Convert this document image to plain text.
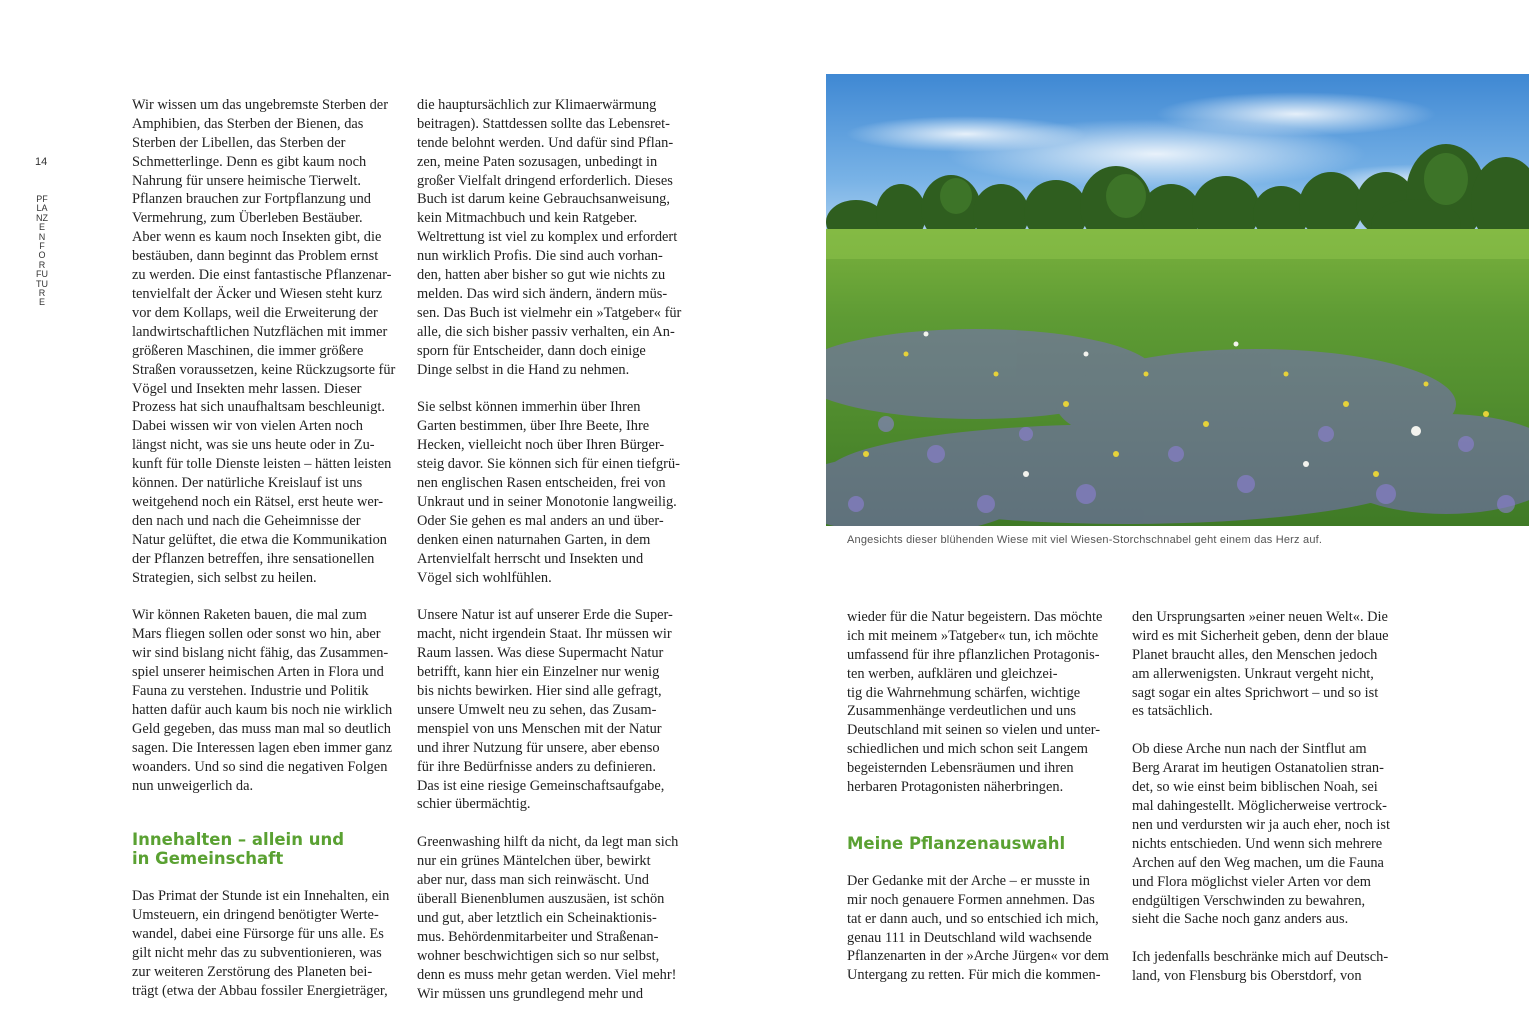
14
PFLANZEN FOR FUTURE

Wir wissen um das ungebremste Sterben der
Amphibien, das Sterben der Bienen, das
Sterben der Libellen, das Sterben der
Schmetterlinge. Denn es gibt kaum noch
Nahrung für unsere heimische Tierwelt.
Pflanzen brauchen zur Fortpflanzung und
Vermehrung, zum Überleben Bestäuber.
Aber wenn es kaum noch Insekten gibt, die
bestäuben, dann beginnt das Problem ernst
zu werden. Die einst fantastische Pflanzenar-
tenvielfalt der Äcker und Wiesen steht kurz
vor dem Kollaps, weil die Erweiterung der
landwirtschaftlichen Nutzflächen mit immer
größeren Maschinen, die immer größere
Straßen voraussetzen, keine Rückzugsorte für
Vögel und Insekten mehr lassen. Dieser
Prozess hat sich unaufhaltsam beschleunigt.
Dabei wissen wir von vielen Arten noch
längst nicht, was sie uns heute oder in Zu-
kunft für tolle Dienste leisten – hätten leisten
können. Der natürliche Kreislauf ist uns
weitgehend noch ein Rätsel, erst heute wer-
den nach und nach die Geheimnisse der
Natur gelüftet, die etwa die Kommunikation
der Pflanzen betreffen, ihre sensationellen
Strategien, sich selbst zu heilen.

Wir können Raketen bauen, die mal zum
Mars fliegen sollen oder sonst wo hin, aber
wir sind bislang nicht fähig, das Zusammen-
spiel unserer heimischen Arten in Flora und
Fauna zu verstehen. Industrie und Politik
hatten dafür auch kaum bis noch nie wirklich
Geld gegeben, das muss man mal so deutlich
sagen. Die Interessen lagen eben immer ganz
woanders. Und so sind die negativen Folgen
nun unweigerlich da.

Innehalten – allein und
in Gemeinschaft

Das Primat der Stunde ist ein Innehalten, ein
Umsteuern, ein dringend benötigter Werte-
wandel, dabei eine Fürsorge für uns alle. Es
gilt nicht mehr das zu subventionieren, was
zur weiteren Zerstörung des Planeten bei-
trägt (etwa der Abbau fossiler Energieträger,

die hauptursächlich zur Klimaerwärmung
beitragen). Stattdessen sollte das Lebensret-
tende belohnt werden. Und dafür sind Pflan-
zen, meine Paten sozusagen, unbedingt in
großer Vielfalt dringend erforderlich. Dieses
Buch ist darum keine Gebrauchsanweisung,
kein Mitmachbuch und kein Ratgeber.
Weltrettung ist viel zu komplex und erfordert
nun wirklich Profis. Die sind auch vorhan-
den, hatten aber bisher so gut wie nichts zu
melden. Das wird sich ändern, ändern müs-
sen. Das Buch ist vielmehr ein »Tatgeber« für
alle, die sich bisher passiv verhalten, ein An-
sporn für Entscheider, dann doch einige
Dinge selbst in die Hand zu nehmen.

Sie selbst können immerhin über Ihren
Garten bestimmen, über Ihre Beete, Ihre
Hecken, vielleicht noch über Ihren Bürger-
steig davor. Sie können sich für einen tiefgrü-
nen englischen Rasen entscheiden, frei von
Unkraut und in seiner Monotonie langweilig.
Oder Sie gehen es mal anders an und über-
denken einen naturnahen Garten, in dem
Artenvielfalt herrscht und Insekten und
Vögel sich wohlfühlen.

Unsere Natur ist auf unserer Erde die Super-
macht, nicht irgendein Staat. Ihr müssen wir
Raum lassen. Was diese Supermacht Natur
betrifft, kann hier ein Einzelner nur wenig
bis nichts bewirken. Hier sind alle gefragt,
unsere Umwelt neu zu sehen, das Zusam-
menspiel von uns Menschen mit der Natur
und ihrer Nutzung für unsere, aber ebenso
für ihre Bedürfnisse anders zu definieren.
Das ist eine riesige Gemeinschaftsaufgabe,
schier übermächtig.

Greenwashing hilft da nicht, da legt man sich
nur ein grünes Mäntelchen über, bewirkt
aber nur, dass man sich reinwäscht. Und
überall Bienenblumen auszusäen, ist schön
und gut, aber letztlich ein Scheinaktionis-
mus. Behördenmitarbeiter und Straßenan-
wohner beschwichtigen sich so nur selbst,
denn es muss mehr getan werden. Viel mehr!
Wir müssen uns grundlegend mehr und

Angesichts dieser blühenden Wiese mit viel Wiesen-Storchschnabel geht einem das Herz auf.

wieder für die Natur begeistern. Das möchte
ich mit meinem »Tatgeber« tun, ich möchte
umfassend für ihre pflanzlichen Protagonis-
ten werben, aufklären und gleichzei-
tig die Wahrnehmung schärfen, wichtige
Zusammenhänge verdeutlichen und uns
Deutschland mit seinen so vielen und unter-
schiedlichen und mich schon seit Langem
begeisternden Lebensräumen und ihren
herbaren Protagonisten näherbringen.

Meine Pflanzenauswahl

Der Gedanke mit der Arche – er musste in
mir noch genauere Formen annehmen. Das
tat er dann auch, und so entschied ich mich,
genau 111 in Deutschland wild wachsende
Pflanzenarten in der »Arche Jürgen« vor dem
Untergang zu retten. Für mich die kommen-

den Ursprungsarten »einer neuen Welt«. Die
wird es mit Sicherheit geben, denn der blaue
Planet braucht alles, den Menschen jedoch
am allerwenigsten. Unkraut vergeht nicht,
sagt sogar ein altes Sprichwort – und so ist
es tatsächlich.

Ob diese Arche nun nach der Sintflut am
Berg Ararat im heutigen Ostanatolien stran-
det, so wie einst beim biblischen Noah, sei
mal dahingestellt. Möglicherweise vertrock-
nen und verdursten wir ja auch eher, noch ist
nichts entschieden. Und wenn sich mehrere
Archen auf den Weg machen, um die Fauna
und Flora möglichst vieler Arten vor dem
endgültigen Verschwinden zu bewahren,
sieht die Sache noch ganz anders aus.

Ich jedenfalls beschränke mich auf Deutsch-
land, von Flensburg bis Oberstdorf, von
